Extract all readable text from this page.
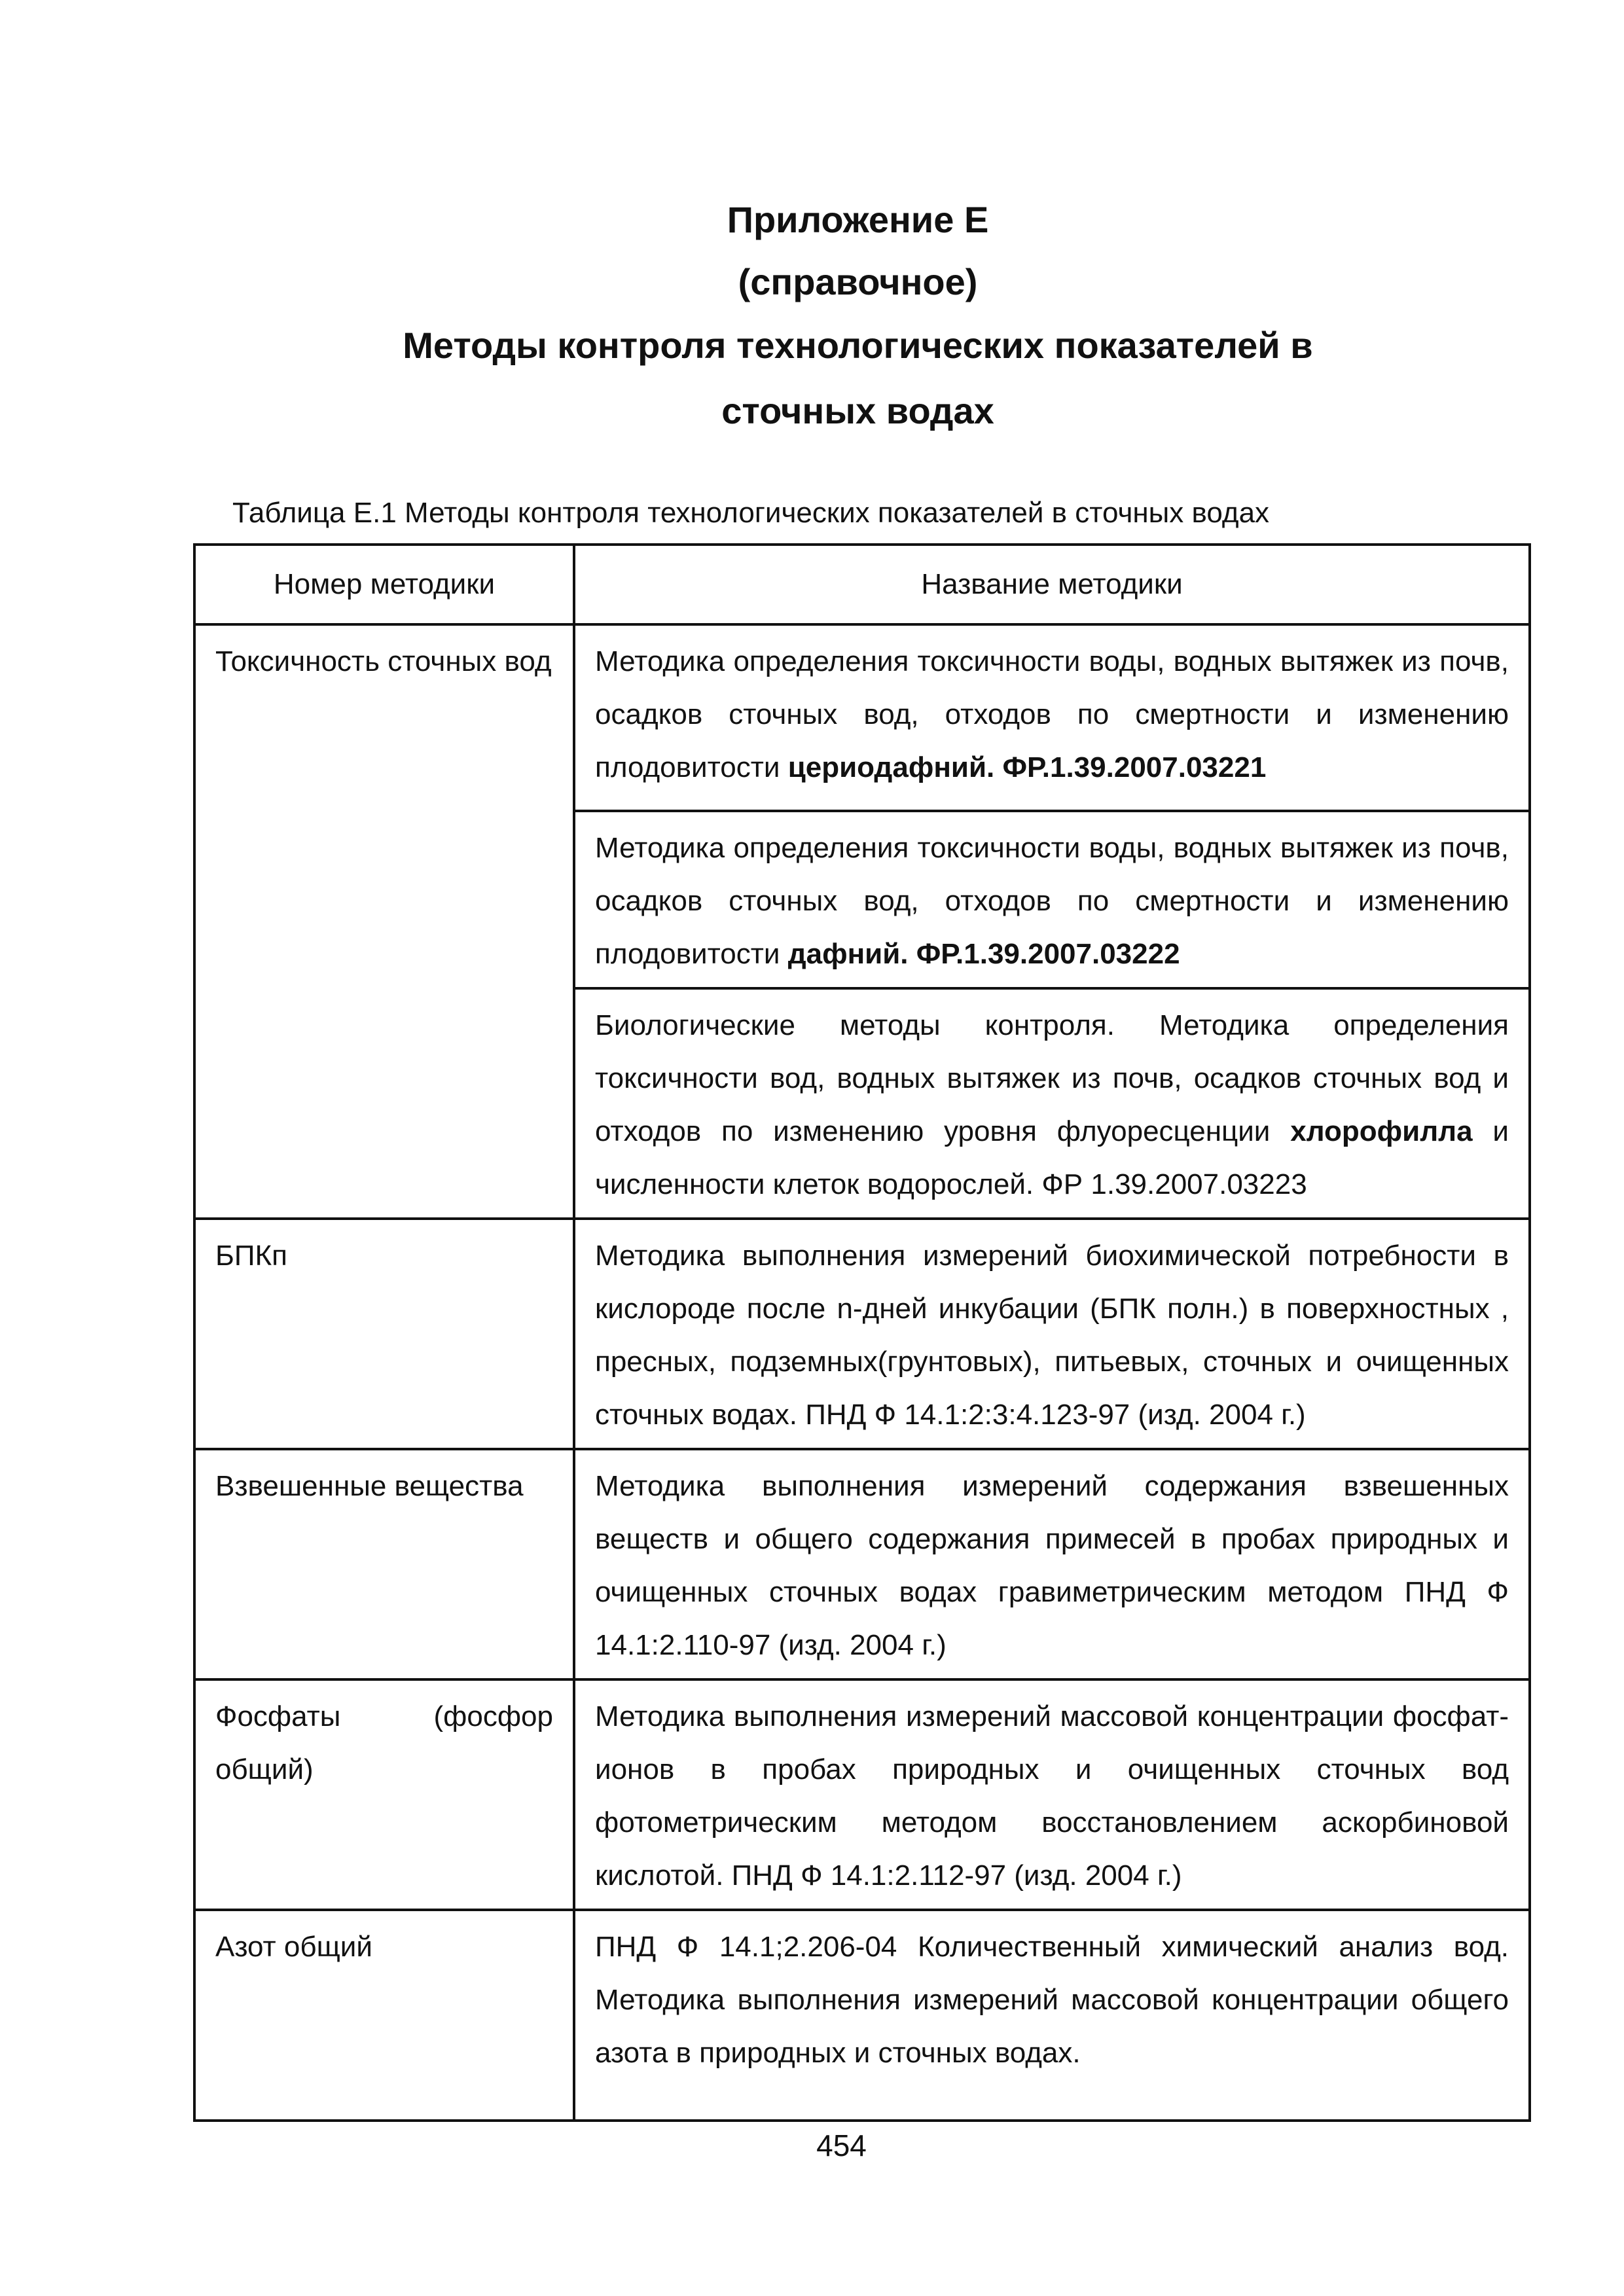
Приложение Е
(справочное)
Методы контроля технологических показателей в
сточных водах
Таблица Е.1 Методы контроля технологических показателей в сточных водах
Номер методики	Название методики
Токсичность сточных вод	Методика определения токсичности воды, водных вытяжек из почв, осадков сточных вод, отходов по смертности и изменению плодовитости цериодафний. ФР.1.39.2007.03221
	Методика определения токсичности воды, водных вытяжек из почв, осадков сточных вод, отходов по смертности и изменению плодовитости дафний. ФР.1.39.2007.03222
	Биологические методы контроля. Методика определения токсичности вод, водных вытяжек из почв, осадков сточных вод и отходов по изменению уровня флуоресценции хлорофилла и численности клеток водорослей. ФР 1.39.2007.03223
БПКп	Методика выполнения измерений биохимической потребности в кислороде после n-дней инкубации (БПК полн.) в поверхностных , пресных, подземных(грунтовых), питьевых, сточных и очищенных сточных водах. ПНД Ф 14.1:2:3:4.123-97 (изд. 2004 г.)
Взвешенные вещества	Методика выполнения измерений содержания взвешенных веществ и общего содержания примесей в пробах природных и очищенных сточных водах гравиметрическим методом ПНД Ф 14.1:2.110-97 (изд. 2004 г.)
Фосфаты (фосфор общий)	Методика выполнения измерений массовой концентрации фосфат-ионов в пробах природных и очищенных сточных вод фотометрическим методом восстановлением аскорбиновой кислотой. ПНД Ф 14.1:2.112-97 (изд. 2004 г.)
Азот общий	ПНД Ф 14.1;2.206-04 Количественный химический анализ вод. Методика выполнения измерений массовой концентрации общего азота в природных и сточных водах.
454
